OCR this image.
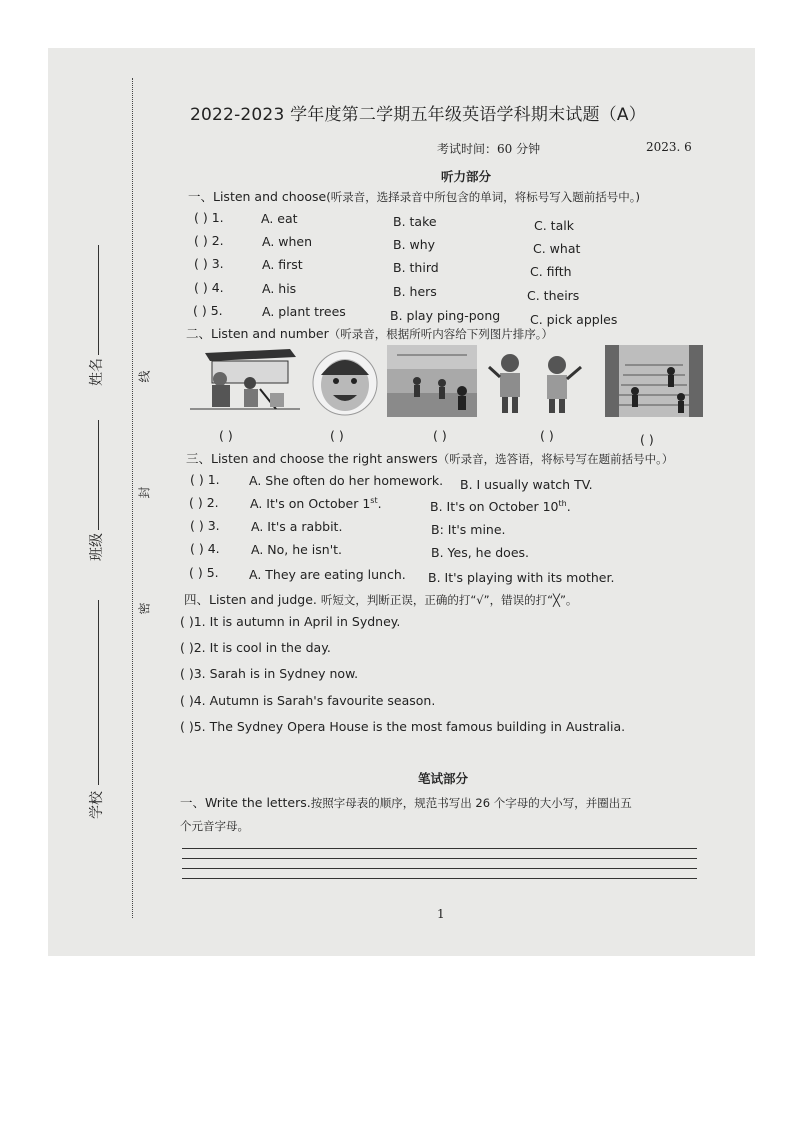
姓名
班级
学校
线
封
密
2022-2023 学年度第二学期五年级英语学科期末试题（A）
考试时间：60 分钟	2023. 6
听力部分
一、Listen and choose(听录音，选择录音中所包含的单词，将标号写入题前括号中。)
( ) 1.	A. eat	B. take	C. talk
( ) 2.	A. when	B. why	C. what
( ) 3.	A. first	B. third	C. fifth
( ) 4.	A. his	B. hers	C. theirs
( ) 5.	A. plant trees	B. play ping-pong C. pick apples
二、Listen and number（听录音，根据所听内容给下列图片排序。）
( )	( )	( )	( )	( )
三、Listen and choose the right answers（听录音，选答语，将标号写在题前括号中。）
( ) 1. A. She often do her homework. B. I usually watch TV.
( ) 2.	A. It's on October 1st.	B. It's on October 10th.
( ) 3.	A. It's a rabbit.	B: It's mine.
( ) 4.	A. No, he isn't.	B. Yes, he does.
( ) 5. A. They are eating lunch. B. It's playing with its mother.
四、Listen and judge. 听短文，判断正误，正确的打“√”，错误的打“╳”。
( )1. It is autumn in April in Sydney.
( )2. It is cool in the day.
( )3. Sarah is in Sydney now.
( )4. Autumn is Sarah's favourite season.
( )5. The Sydney Opera House is the most famous building in Australia.
笔试部分
一、Write the letters.按照字母表的顺序，规范书写出 26 个字母的大小写，并圈出五
个元音字母。
1
